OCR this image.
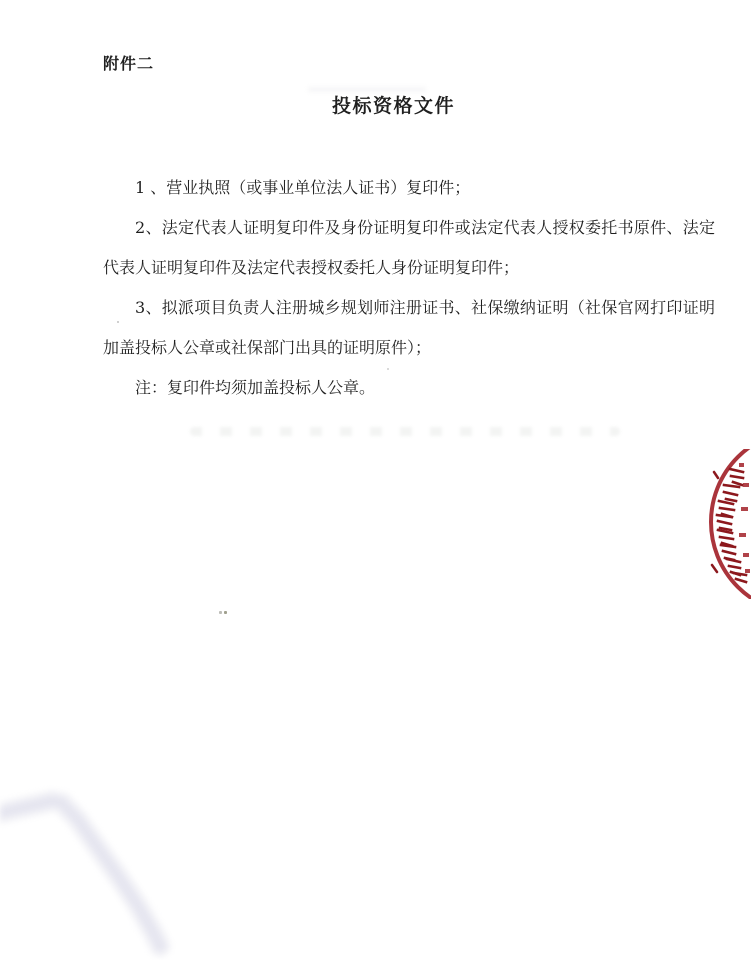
附件二
投标资格文件

1 、营业执照（或事业单位法人证书）复印件；

2、法定代表人证明复印件及身份证明复印件或法定代表人授权委托书原件、法定代表人证明复印件及法定代表授权委托人身份证明复印件；

3、拟派项目负责人注册城乡规划师注册证书、社保缴纳证明（社保官网打印证明加盖投标人公章或社保部门出具的证明原件）；

注：复印件均须加盖投标人公章。
